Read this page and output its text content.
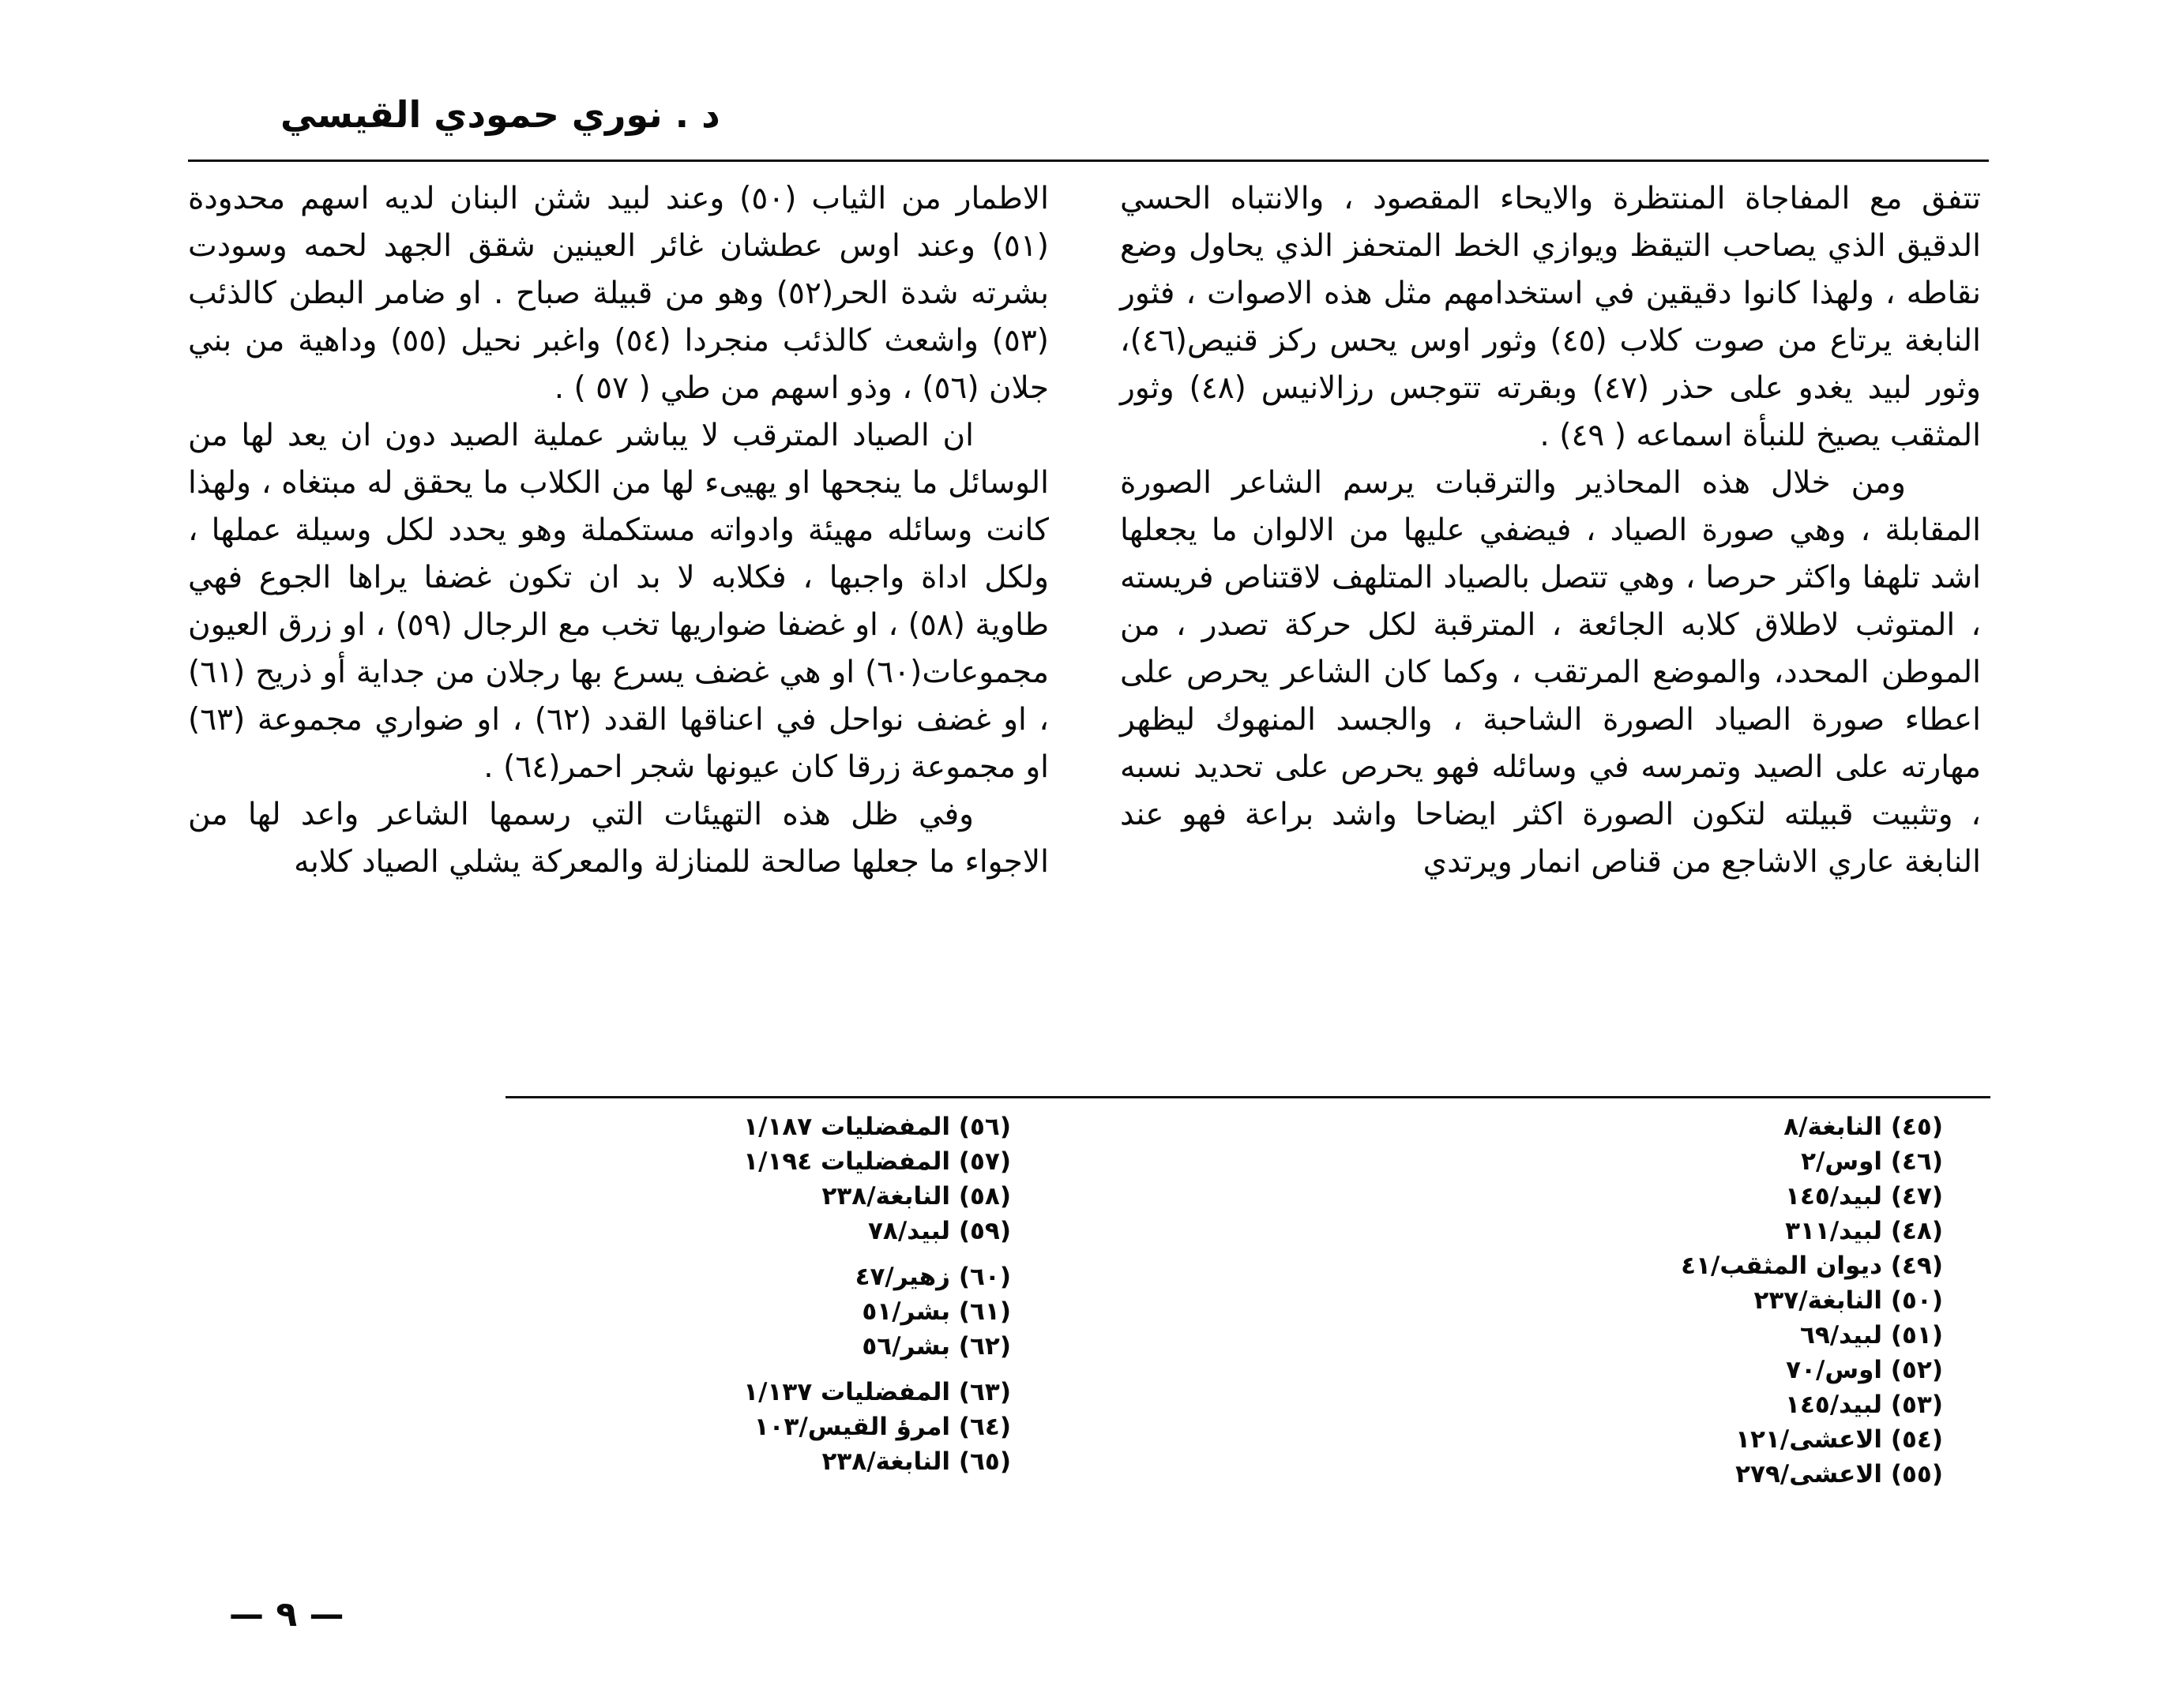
د . نوري حمودي القيسي

تتفق مع المفاجاة المنتظرة والايحاء المقصود ، والانتباه الحسي الدقيق الذي يصاحب التيقظ ويوازي الخط المتحفز الذي يحاول وضع نقاطه ، ولهذا كانوا دقيقين في استخدامهم مثل هذه الاصوات ، فثور النابغة يرتاع من صوت كلاب (٤٥) وثور اوس يحس ركز قنيص(٤٦)، وثور لبيد يغدو على حذر (٤٧) وبقرته تتوجس رزالانيس (٤٨) وثور المثقب يصيخ للنبأة اسماعه ( ٤٩) .

ومن خلال هذه المحاذير والترقبات يرسم الشاعر الصورة المقابلة ، وهي صورة الصياد ، فيضفي عليها من الالوان ما يجعلها اشد تلهفا واكثر حرصا ، وهي تتصل بالصياد المتلهف لاقتناص فريسته ، المتوثب لاطلاق كلابه الجائعة ، المترقبة لكل حركة تصدر ، من الموطن المحدد، والموضع المرتقب ، وكما كان الشاعر يحرص على اعطاء صورة الصياد الصورة الشاحبة ، والجسد المنهوك ليظهر مهارته على الصيد وتمرسه في وسائله فهو يحرص على تحديد نسبه ، وتثبيت قبيلته لتكون الصورة اكثر ايضاحا واشد براعة فهو عند النابغة عاري الاشاجع من قناص انمار ويرتدي

الاطمار من الثياب (٥٠) وعند لبيد شثن البنان لديه اسهم محدودة (٥١) وعند اوس عطشان غائر العينين شقق الجهد لحمه وسودت بشرته شدة الحر(٥٢) وهو من قبيلة صباح . او ضامر البطن كالذئب (٥٣) واشعث كالذئب منجردا (٥٤) واغبر نحيل (٥٥) وداهية من بني جلان (٥٦) ، وذو اسهم من طي ( ٥٧ ) .

ان الصياد المترقب لا يباشر عملية الصيد دون ان يعد لها من الوسائل ما ينجحها او يهيىء لها من الكلاب ما يحقق له مبتغاه ، ولهذا كانت وسائله مهيئة وادواته مستكملة وهو يحدد لكل وسيلة عملها ، ولكل اداة واجبها ، فكلابه لا بد ان تكون غضفا يراها الجوع فهي طاوية (٥٨) ، او غضفا ضواريها تخب مع الرجال (٥٩) ، او زرق العيون مجموعات(٦٠) او هي غضف يسرع بها رجلان من جداية أو ذريح (٦١) ، او غضف نواحل في اعناقها القدد (٦٢) ، او ضواري مجموعة (٦٣) او مجموعة زرقا كان عيونها شجر احمر(٦٤) .

وفي ظل هذه التهيئات التي رسمها الشاعر واعد لها من الاجواء ما جعلها صالحة للمنازلة والمعركة يشلي الصياد كلابه

(٤٥) النابغة/٨
(٤٦) اوس/٢
(٤٧) لبيد/١٤٥
(٤٨) لبيد/٣١١
(٤٩) ديوان المثقب/٤١
(٥٠) النابغة/٢٣٧
(٥١) لبيد/٦٩
(٥٢) اوس/٧٠
(٥٣) لبيد/١٤٥
(٥٤) الاعشى/١٢١
(٥٥) الاعشى/٢٧٩
(٥٦) المفضليات ١/١٨٧
(٥٧) المفضليات ١/١٩٤
(٥٨) النابغة/٢٣٨
(٥٩) لبيد/٧٨
(٦٠) زهير/٤٧
(٦١) بشر/٥١
(٦٢) بشر/٥٦
(٦٣) المفضليات ١/١٣٧
(٦٤) امرؤ القيس/١٠٣
(٦٥) النابغة/٢٣٨
— ٩ —
